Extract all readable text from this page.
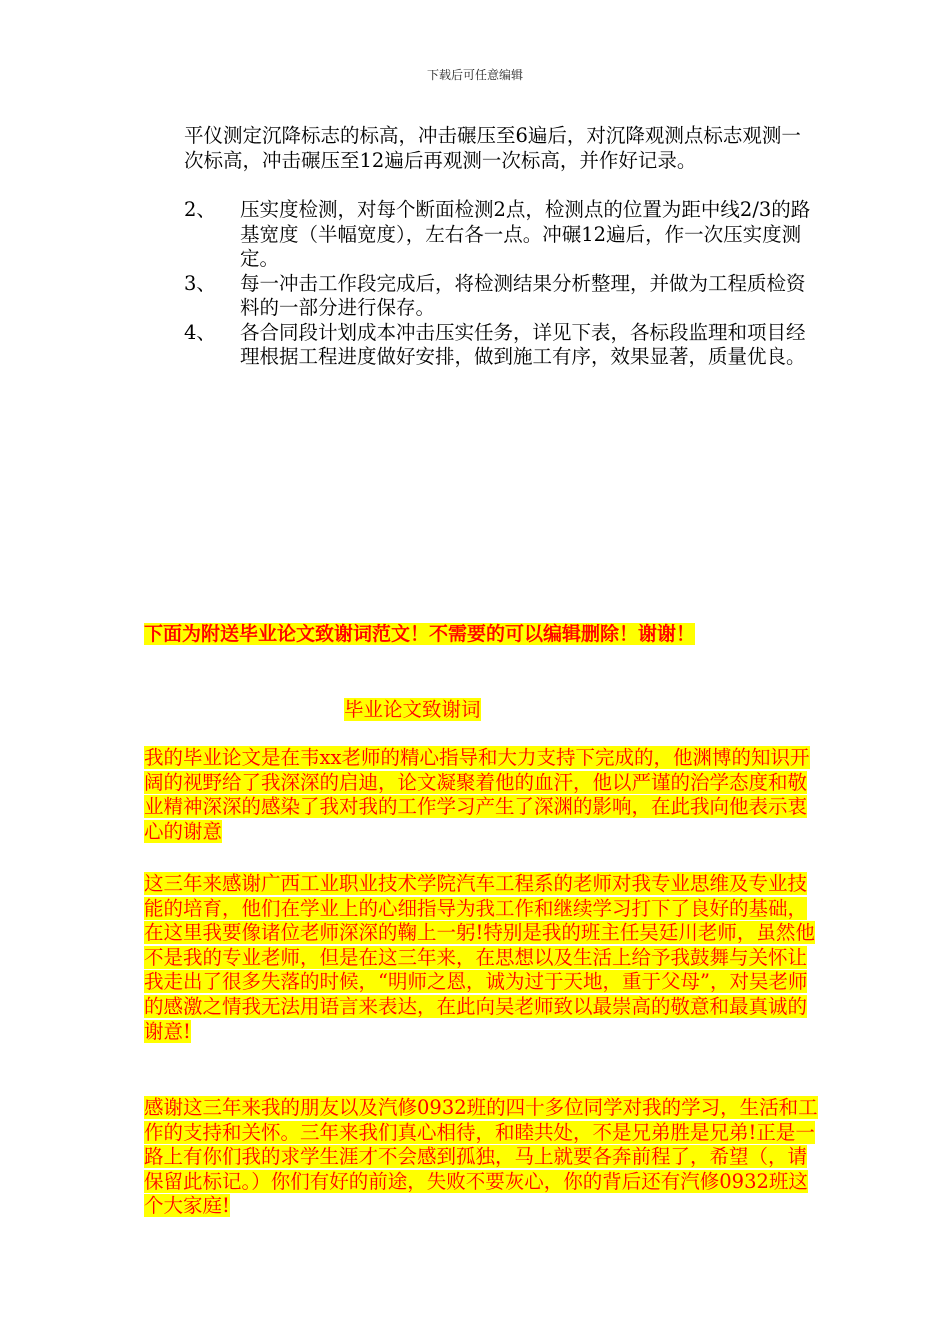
下载后可任意编辑
平仪测定沉降标志的标高，冲击碾压至6遍后，对沉降观测点标志观测一次标高，冲击碾压至12遍后再观测一次标高，并作好记录。
2、	压实度检测，对每个断面检测2点，检测点的位置为距中线2/3的路基宽度（半幅宽度），左右各一点。冲碾12遍后，作一次压实度测定。
3、	每一冲击工作段完成后，将检测结果分析整理，并做为工程质检资料的一部分进行保存。
4、	各合同段计划成本冲击压实任务，详见下表，各标段监理和项目经理根据工程进度做好安排，做到施工有序，效果显著，质量优良。
下面为附送毕业论文致谢词范文！不需要的可以编辑删除！谢谢！
毕业论文致谢词
我的毕业论文是在韦xx老师的精心指导和大力支持下完成的，他渊博的知识开阔的视野给了我深深的启迪，论文凝聚着他的血汗，他以严谨的治学态度和敬业精神深深的感染了我对我的工作学习产生了深渊的影响，在此我向他表示衷心的谢意
这三年来感谢广西工业职业技术学院汽车工程系的老师对我专业思维及专业技能的培育，他们在学业上的心细指导为我工作和继续学习打下了良好的基础，在这里我要像诸位老师深深的鞠上一躬!特别是我的班主任吴廷川老师，虽然他不是我的专业老师，但是在这三年来，在思想以及生活上给予我鼓舞与关怀让我走出了很多失落的时候，“明师之恩，诚为过于天地，重于父母”，对吴老师的感激之情我无法用语言来表达，在此向吴老师致以最崇高的敬意和最真诚的谢意!
感谢这三年来我的朋友以及汽修0932班的四十多位同学对我的学习，生活和工作的支持和关怀。三年来我们真心相待，和睦共处，不是兄弟胜是兄弟!正是一路上有你们我的求学生涯才不会感到孤独，马上就要各奔前程了，希望（，请保留此标记。）你们有好的前途，失败不要灰心，你的背后还有汽修0932班这个大家庭!
